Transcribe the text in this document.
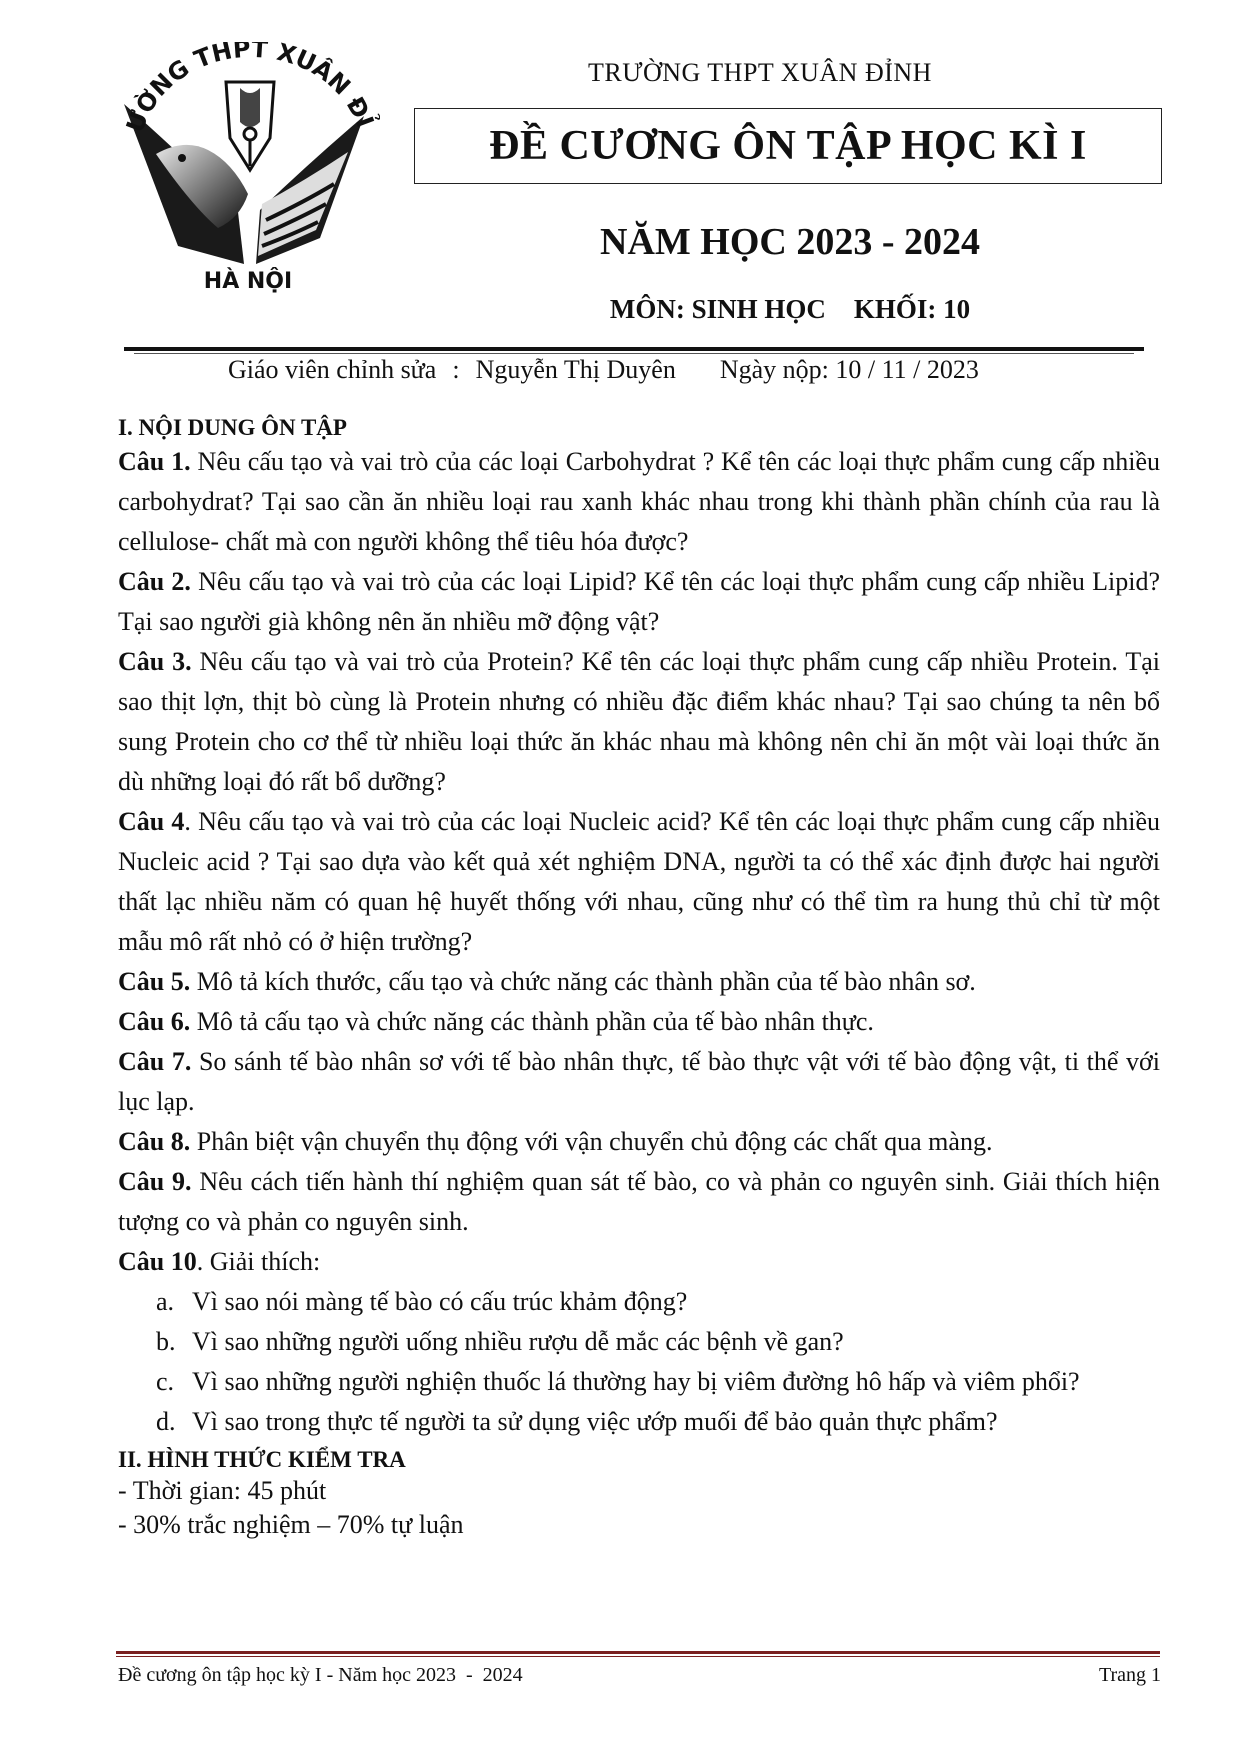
ƯỜNG THPT XUÂN ĐỈ
HÀ NỘI
TRƯỜNG THPT XUÂN ĐỈNH
ĐỀ CƯƠNG ÔN TẬP HỌC KÌ I
NĂM HỌC 2023 - 2024
MÔN: SINH HỌC KHỐI: 10
Giáo viên chỉnh sửa : Nguyễn Thị Duyên Ngày nộp: 10 / 11 / 2023

I. NỘI DUNG ÔN TẬP

Câu 1. Nêu cấu tạo và vai trò của các loại Carbohydrat ? Kể tên các loại thực phẩm cung cấp nhiều carbohydrat? Tại sao cần ăn nhiều loại rau xanh khác nhau trong khi thành phần chính của rau là cellulose- chất mà con người không thể tiêu hóa được?

Câu 2. Nêu cấu tạo và vai trò của các loại Lipid? Kể tên các loại thực phẩm cung cấp nhiều Lipid? Tại sao người già không nên ăn nhiều mỡ động vật?

Câu 3. Nêu cấu tạo và vai trò của Protein? Kể tên các loại thực phẩm cung cấp nhiều Protein. Tại sao thịt lợn, thịt bò cùng là Protein nhưng có nhiều đặc điểm khác nhau? Tại sao chúng ta nên bổ sung Protein cho cơ thể từ nhiều loại thức ăn khác nhau mà không nên chỉ ăn một vài loại thức ăn dù những loại đó rất bổ dưỡng?

Câu 4. Nêu cấu tạo và vai trò của các loại Nucleic acid? Kể tên các loại thực phẩm cung cấp nhiều Nucleic acid ? Tại sao dựa vào kết quả xét nghiệm DNA, người ta có thể xác định được hai người thất lạc nhiều năm có quan hệ huyết thống với nhau, cũng như có thể tìm ra hung thủ chỉ từ một mẫu mô rất nhỏ có ở hiện trường?

Câu 5. Mô tả kích thước, cấu tạo và chức năng các thành phần của tế bào nhân sơ.

Câu 6. Mô tả cấu tạo và chức năng các thành phần của tế bào nhân thực.

Câu 7. So sánh tế bào nhân sơ với tế bào nhân thực, tế bào thực vật với tế bào động vật, ti thể với lục lạp.

Câu 8. Phân biệt vận chuyển thụ động với vận chuyển chủ động các chất qua màng.

Câu 9. Nêu cách tiến hành thí nghiệm quan sát tế bào, co và phản co nguyên sinh. Giải thích hiện tượng co và phản co nguyên sinh.

Câu 10. Giải thích:

a. Vì sao nói màng tế bào có cấu trúc khảm động?
b. Vì sao những người uống nhiều rượu dễ mắc các bệnh về gan?
c. Vì sao những người nghiện thuốc lá thường hay bị viêm đường hô hấp và viêm phổi?
d. Vì sao trong thực tế người ta sử dụng việc ướp muối để bảo quản thực phẩm?

II. HÌNH THỨC KIỂM TRA

- Thời gian: 45 phút

- 30% trắc nghiệm – 70% tự luận

Đề cương ôn tập học kỳ I - Năm học 2023  -  2024	Trang 1
